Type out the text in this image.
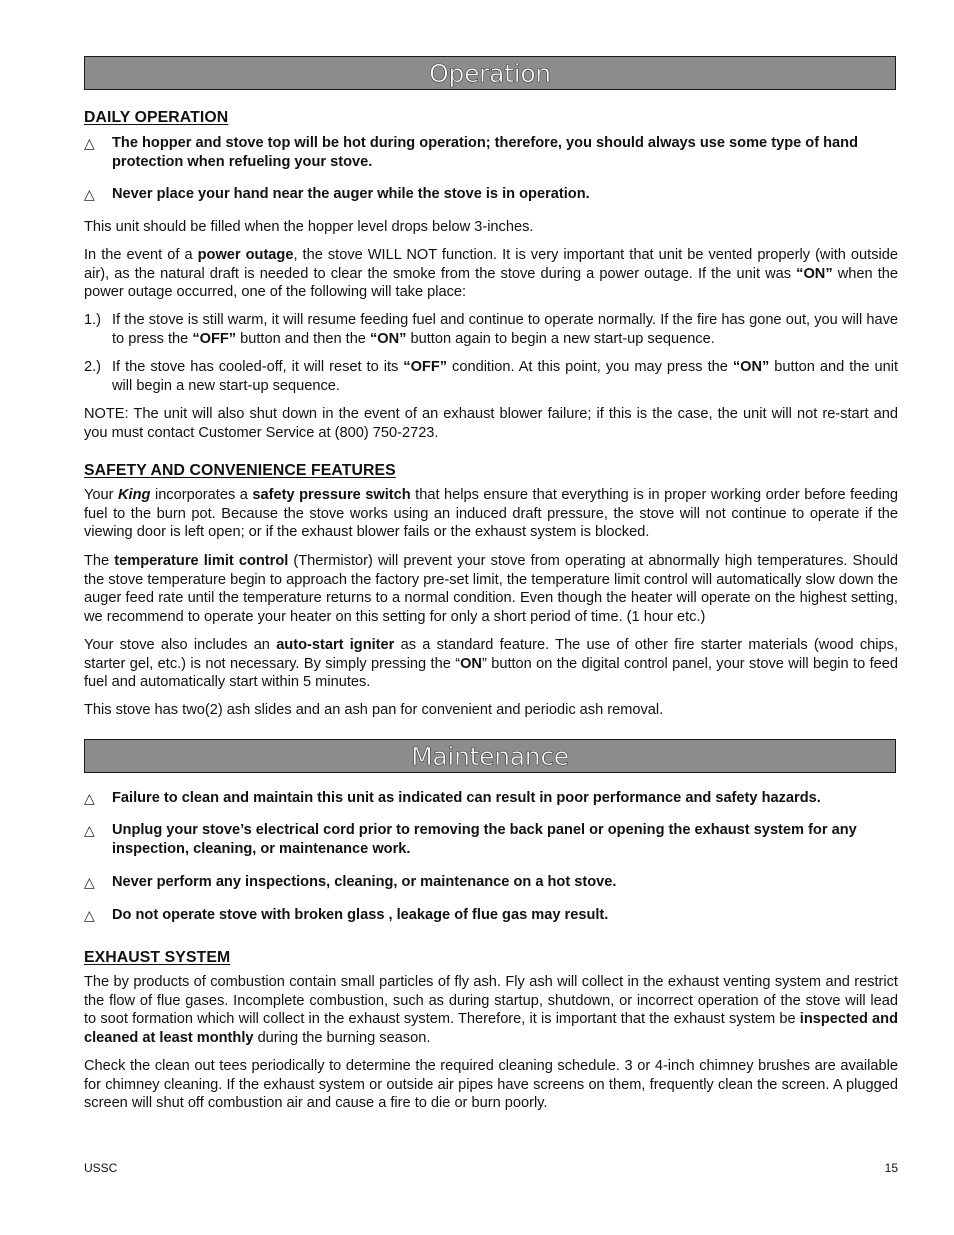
Operation
DAILY OPERATION
△	The hopper and stove top will be hot during operation; therefore, you should always use some type of hand protection when refueling your stove.
△	Never place your hand near the auger while the stove is in operation.

This unit should be filled when the hopper level drops below 3-inches.

In the event of a power outage, the stove WILL NOT function. It is very important that unit be vented properly (with outside air), as the natural draft is needed to clear the smoke from the stove during a power outage. If the unit was “ON” when the power outage occurred, one of the following will take place:

1.) If the stove is still warm, it will resume feeding fuel and continue to operate normally. If the fire has gone out, you will have to press the “OFF” button and then the “ON” button again to begin a new start-up sequence.
2.) If the stove has cooled-off, it will reset to its “OFF” condition. At this point, you may press the “ON” button and the unit will begin a new start-up sequence.

NOTE: The unit will also shut down in the event of an exhaust blower failure; if this is the case, the unit will not re-start and you must contact Customer Service at (800) 750-2723.

SAFETY AND CONVENIENCE FEATURES

Your King incorporates a safety pressure switch that helps ensure that everything is in proper working order before feeding fuel to the burn pot. Because the stove works using an induced draft pressure, the stove will not continue to operate if the viewing door is left open; or if the exhaust blower fails or the exhaust system is blocked.

The temperature limit control (Thermistor) will prevent your stove from operating at abnormally high temperatures. Should the stove temperature begin to approach the factory pre-set limit, the temperature limit control will automatically slow down the auger feed rate until the temperature returns to a normal condition. Even though the heater will operate on the highest setting, we recommend to operate your heater on this setting for only a short period of time. (1 hour etc.)

Your stove also includes an auto-start igniter as a standard feature. The use of other fire starter materials (wood chips, starter gel, etc.) is not necessary. By simply pressing the “ON” button on the digital control panel, your stove will begin to feed fuel and automatically start within 5 minutes.

This stove has two(2) ash slides and an ash pan for convenient and periodic ash removal.

Maintenance
△	Failure to clean and maintain this unit as indicated can result in poor performance and safety hazards.
△	Unplug your stove’s electrical cord prior to removing the back panel or opening the exhaust system for any inspection, cleaning, or maintenance work.
△	Never perform any inspections, cleaning, or maintenance on a hot stove.
△	Do not operate stove with broken glass , leakage of flue gas may result.
EXHAUST SYSTEM

The by products of combustion contain small particles of fly ash. Fly ash will collect in the exhaust venting system and restrict the flow of flue gases. Incomplete combustion, such as during startup, shutdown, or incorrect operation of the stove will lead to soot formation which will collect in the exhaust system. Therefore, it is important that the exhaust system be inspected and cleaned at least monthly during the burning season.

Check the clean out tees periodically to determine the required cleaning schedule. 3 or 4-inch chimney brushes are available for chimney cleaning. If the exhaust system or outside air pipes have screens on them, frequently clean the screen. A plugged screen will shut off combustion air and cause a fire to die or burn poorly.

USSC	15
